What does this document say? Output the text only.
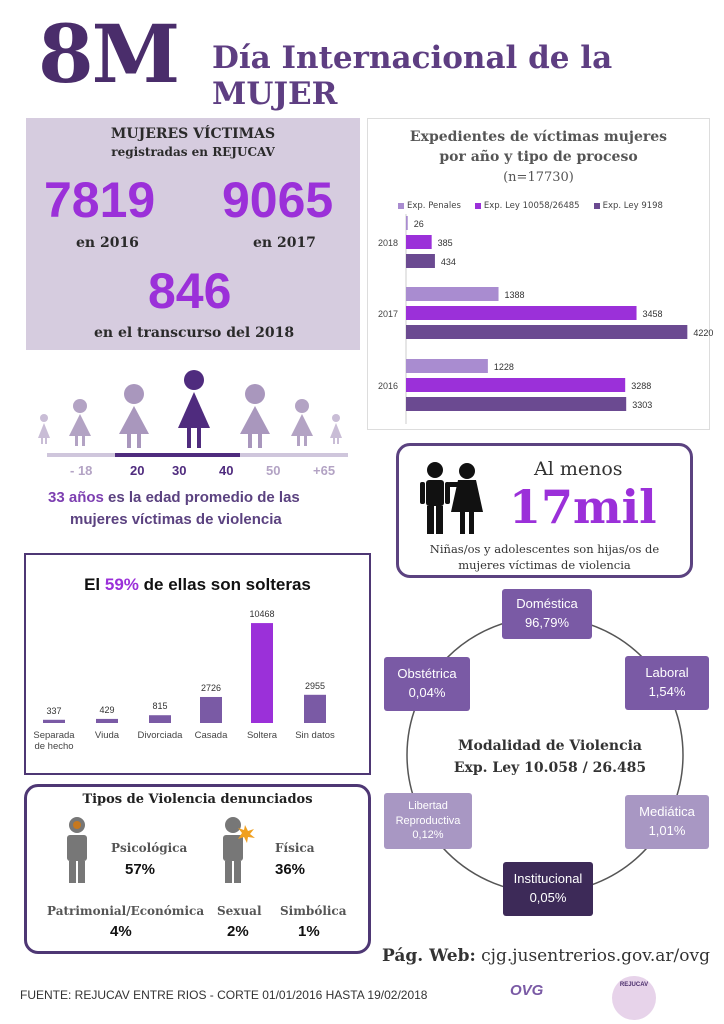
8M Día Internacional de la MUJER
MUJERES VÍCTIMAS
registradas en REJUCAV
7819
en 2016
9065
en 2017
846
en el transcurso del 2018
Expedientes de víctimas mujeres
por año y tipo de proceso
(n=17730)
Exp. Penales	Exp. Ley 10058/26485	Exp. Ley 9198
2018
26
385
434
2017
1388
3458
4220
2016
1228
3288
3303
- 18	20 30	40	50	+65
33 años es la edad promedio de las
mujeres víctimas de violencia
Al menos
17mil
Niñas/os y adolescentes son hijas/os de
mujeres víctimas de violencia
El 59% de ellas son solteras
337
Separada
de hecho
429
Viuda
815
Divorciada
2726
Casada
10468
Soltera
2955
Sin datos
Tipos de Violencia denunciados
Psicológica
57%
Física
36%
Patrimonial/Económica
4%
Sexual
2%
Simbólica
1%
Doméstica
96,79%
Laboral
1,54%
Mediática
1,01%
Institucional
0,05%
Libertad Reproductiva
0,12%
Obstétrica
0,04%
Modalidad de Violencia
Exp. Ley 10.058 / 26.485
Pág. Web: cjg.jusentrerios.gov.ar/ovg
FUENTE: REJUCAV ENTRE RIOS - CORTE 01/01/2016 HASTA 19/02/2018	OVG	REJUCAV
